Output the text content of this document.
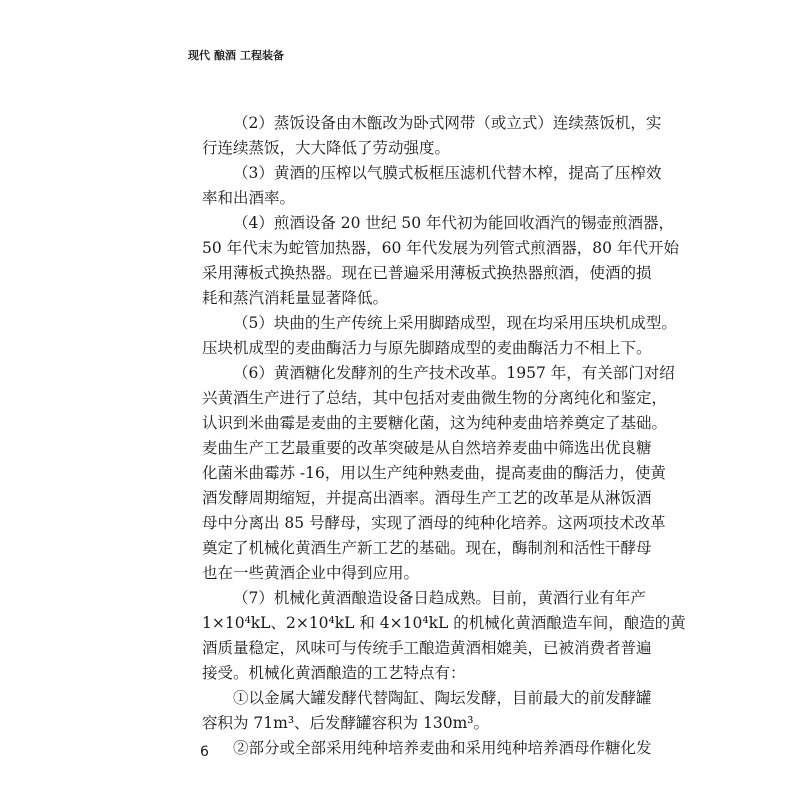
现代 酿酒 工程装备
（2）蒸饭设备由木甑改为卧式网带（或立式）连续蒸饭机，实
行连续蒸饭，大大降低了劳动强度。
（3）黄酒的压榨以气膜式板框压滤机代替木榨，提高了压榨效
率和出酒率。
（4）煎酒设备 20 世纪 50 年代初为能回收酒汽的锡壶煎酒器，
50 年代末为蛇管加热器，60 年代发展为列管式煎酒器，80 年代开始
采用薄板式换热器。现在已普遍采用薄板式换热器煎酒，使酒的损
耗和蒸汽消耗量显著降低。
（5）块曲的生产传统上采用脚踏成型，现在均采用压块机成型。
压块机成型的麦曲酶活力与原先脚踏成型的麦曲酶活力不相上下。
（6）黄酒糖化发酵剂的生产技术改革。1957 年，有关部门对绍
兴黄酒生产进行了总结，其中包括对麦曲微生物的分离纯化和鉴定，
认识到米曲霉是麦曲的主要糖化菌，这为纯种麦曲培养奠定了基础。
麦曲生产工艺最重要的改革突破是从自然培养麦曲中筛选出优良糖
化菌米曲霉苏 -16，用以生产纯种熟麦曲，提高麦曲的酶活力，使黄
酒发酵周期缩短，并提高出酒率。酒母生产工艺的改革是从淋饭酒
母中分离出 85 号酵母，实现了酒母的纯种化培养。这两项技术改革
奠定了机械化黄酒生产新工艺的基础。现在，酶制剂和活性干酵母
也在一些黄酒企业中得到应用。
（7）机械化黄酒酿造设备日趋成熟。目前，黄酒行业有年产
1×10⁴kL、2×10⁴kL 和 4×10⁴kL 的机械化黄酒酿造车间，酿造的黄
酒质量稳定，风味可与传统手工酿造黄酒相媲美，已被消费者普遍
接受。机械化黄酒酿造的工艺特点有：
①以金属大罐发酵代替陶缸、陶坛发酵，目前最大的前发酵罐
容积为 71m³、后发酵罐容积为 130m³。
②部分或全部采用纯种培养麦曲和采用纯种培养酒母作糖化发
6
